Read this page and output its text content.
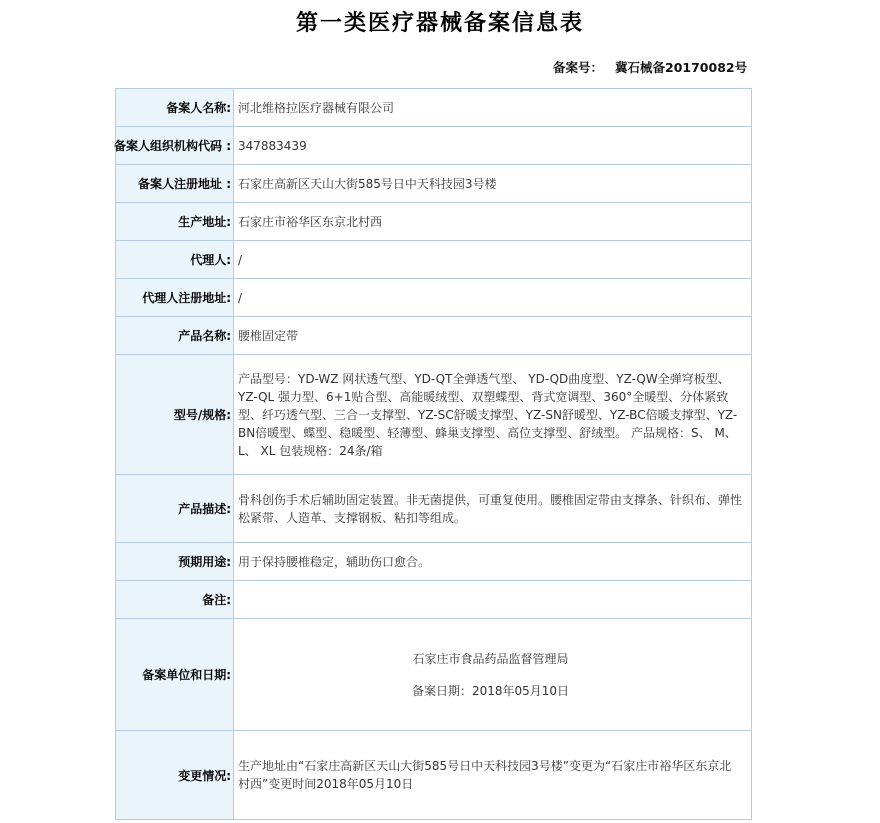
第一类医疗器械备案信息表
备案号： 冀石械备20170082号
备案人名称: 河北维格拉医疗器械有限公司
备案人组织机构代码 : 347883439
备案人注册地址 : 石家庄高新区天山大街585号日中天科技园3号楼
生产地址: 石家庄市裕华区东京北村西
代理人: /
代理人注册地址: /
产品名称: 腰椎固定带
型号/规格:
产品型号：YD-WZ 网状透气型、YD-QT全弹透气型、 YD-QD曲度型、YZ-QW全弹穹板型、YZ-QL 强力型、6+1贴合型、高能暖绒型、双塑蝶型、背式宽调型、360°全暖型、分体紧致型、纤巧透气型、三合一支撑型、YZ-SC舒暖支撑型、YZ-SN舒暖型、YZ-BC倍暖支撑型、YZ-BN倍暖型、蝶型、稳暖型、轻薄型、蜂巢支撑型、高位支撑型、舒绒型。 产品规格：S、 M、 L、 XL 包装规格：24条/箱
产品描述:
骨科创伤手术后辅助固定装置。非无菌提供，可重复使用。腰椎固定带由支撑条、针织布、弹性松紧带、人造革、支撑钢板、粘扣等组成。
预期用途: 用于保持腰椎稳定，辅助伤口愈合。
备注:
备案单位和日期:
石家庄市食品药品监督管理局
备案日期：2018年05月10日
变更情况:
生产地址由“石家庄高新区天山大街585号日中天科技园3号楼”变更为“石家庄市裕华区东京北村西”变更时间2018年05月10日
